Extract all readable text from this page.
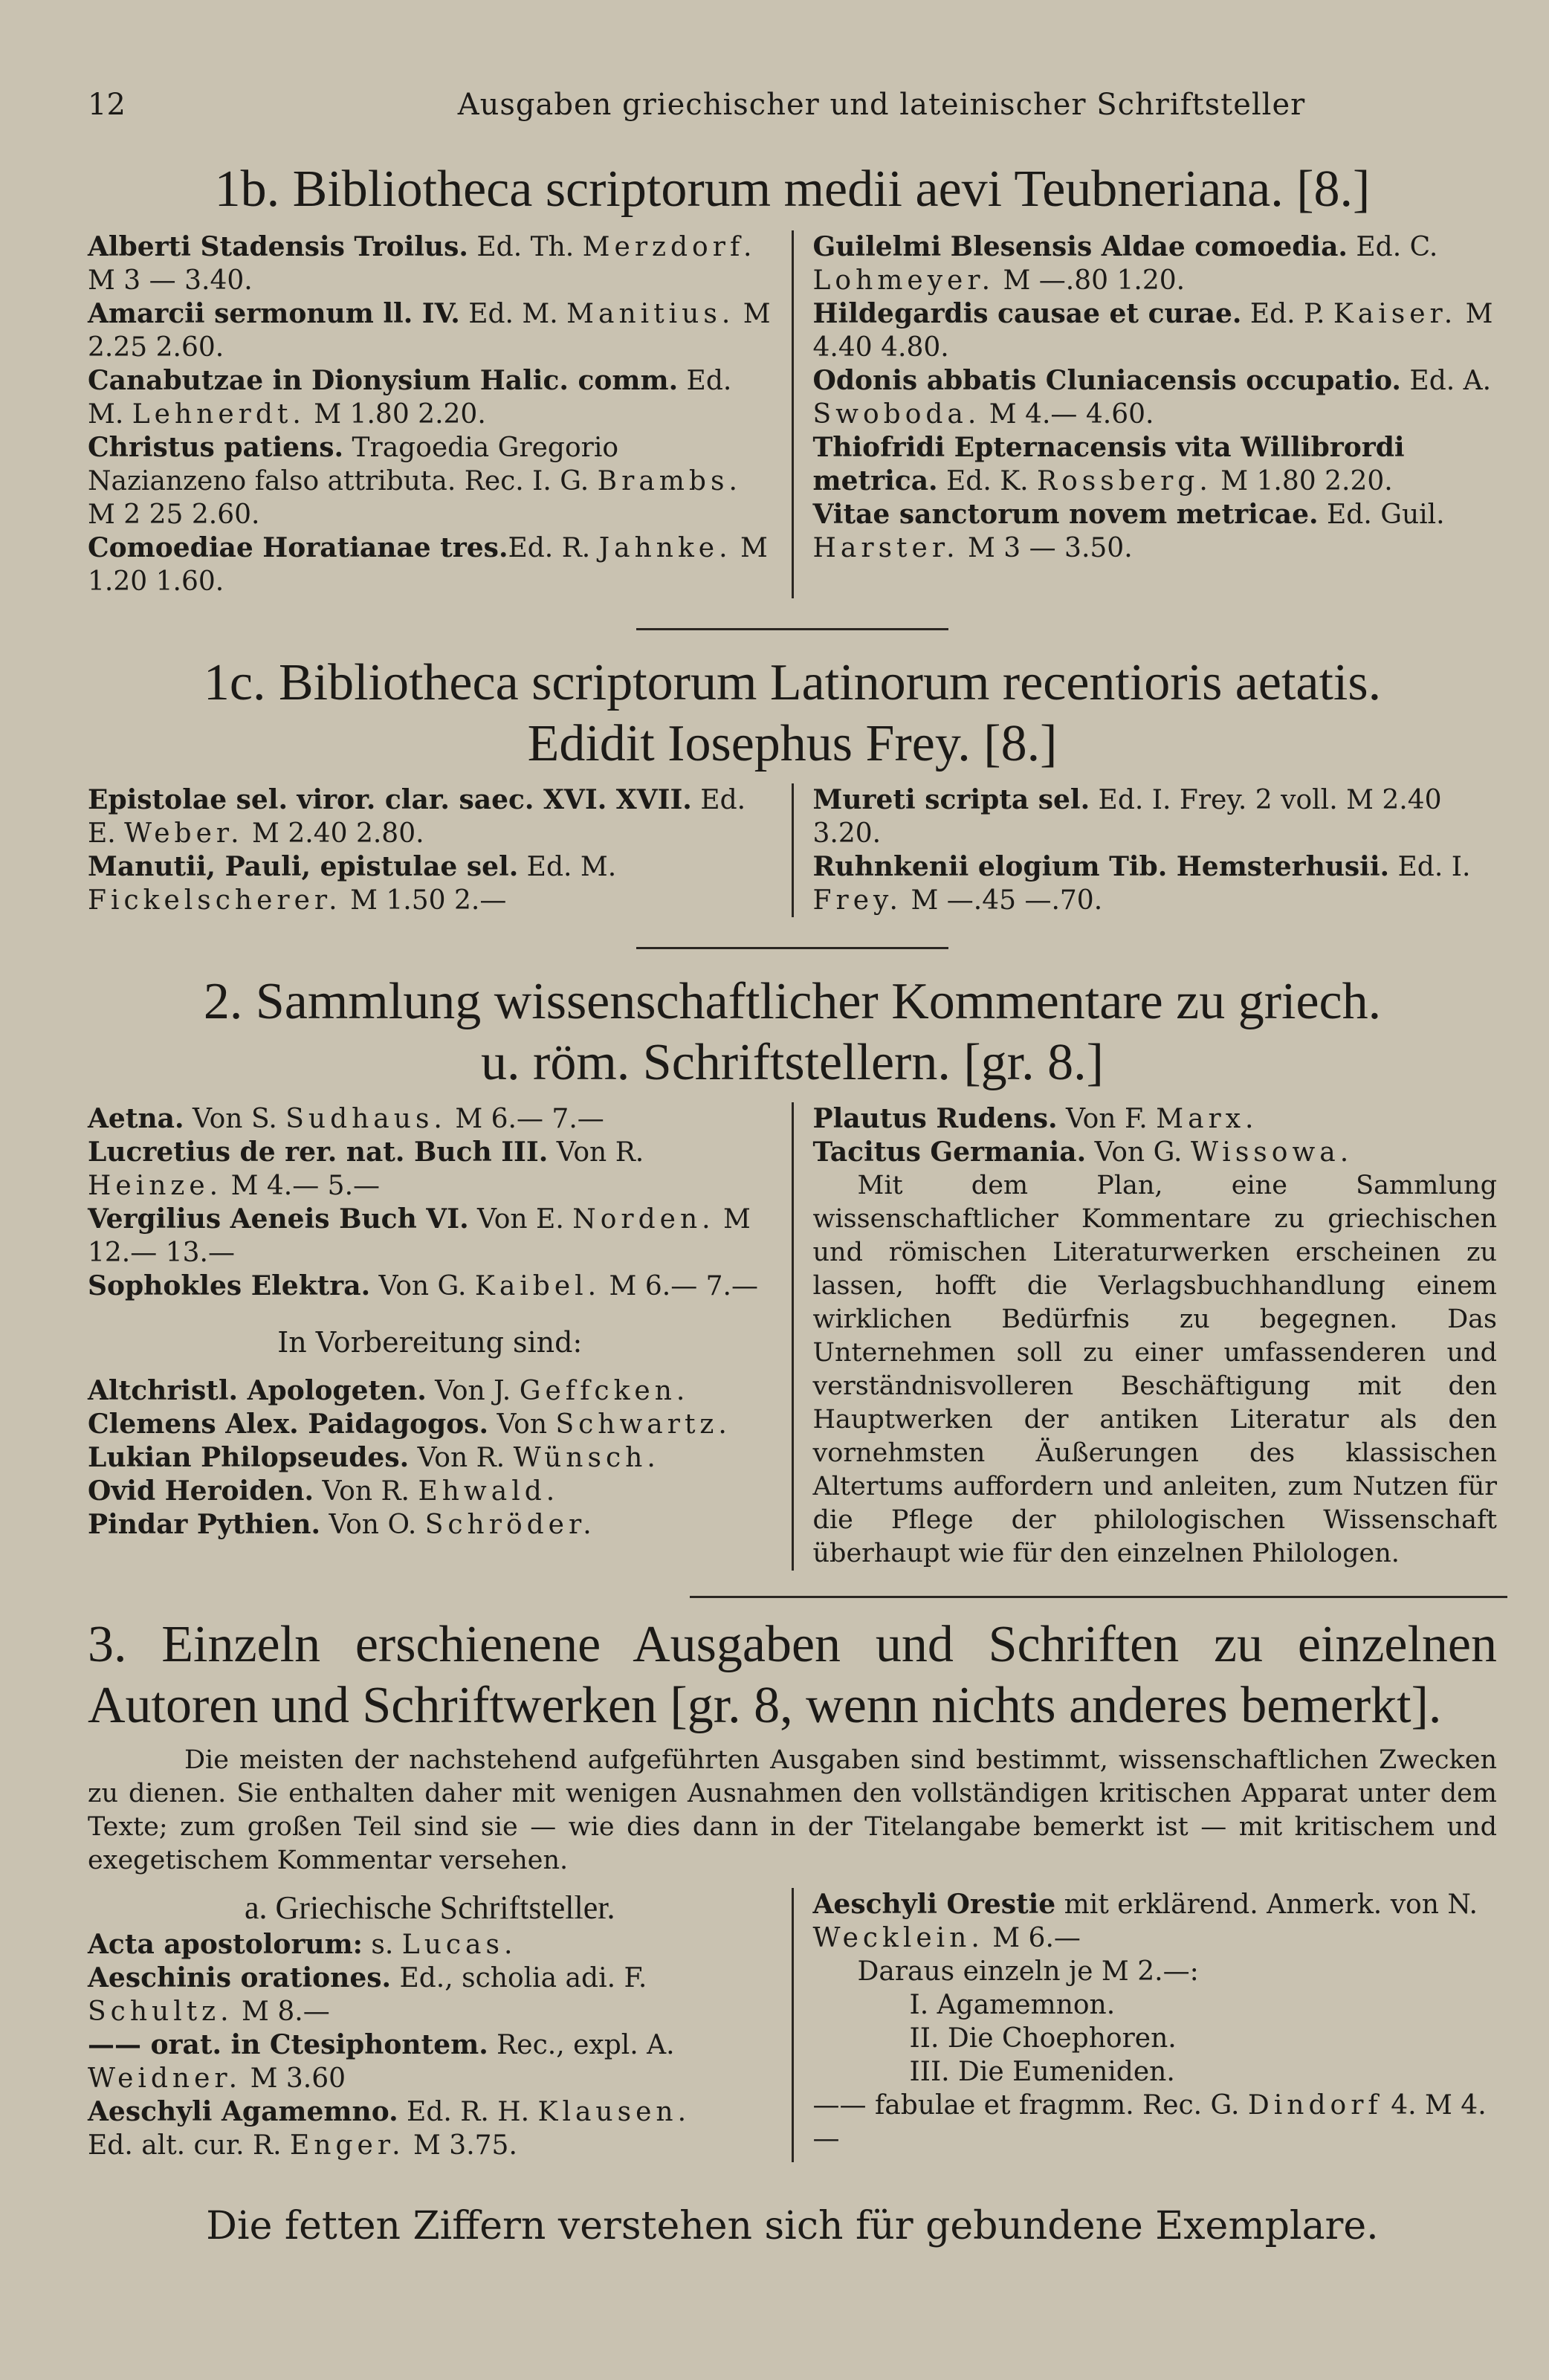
12	Ausgaben griechischer und lateinischer Schriftsteller
1b. Bibliotheca scriptorum medii aevi Teubneriana. [8.]
Alberti Stadensis Troilus. Ed. Th. Merzdorf. M 3 — 3.40.
Amarcii sermonum ll. IV. Ed. M. Manitius. M 2.25 2.60.
Canabutzae in Dionysium Halic. comm. Ed. M. Lehnerdt. M 1.80 2.20.
Christus patiens. Tragoedia Gregorio Nazianzeno falso attributa. Rec. I. G. Brambs. M 2 25 2.60.
Comoediae Horatianae tres.Ed. R. Jahnke. M 1.20 1.60.
Guilelmi Blesensis Aldae comoedia. Ed. C. Lohmeyer. M —.80 1.20.
Hildegardis causae et curae. Ed. P. Kaiser. M 4.40 4.80.
Odonis abbatis Cluniacensis occupatio. Ed. A. Swoboda. M 4.— 4.60.
Thiofridi Epternacensis vita Willibrordi metrica. Ed. K. Rossberg. M 1.80 2.20.
Vitae sanctorum novem metricae. Ed. Guil. Harster. M 3 — 3.50.
1c. Bibliotheca scriptorum Latinorum recentioris aetatis.
Edidit Iosephus Frey. [8.]
Epistolae sel. viror. clar. saec. XVI. XVII. Ed. E. Weber. M 2.40 2.80.
Manutii, Pauli, epistulae sel. Ed. M. Fickelscherer. M 1.50 2.—
Mureti scripta sel. Ed. I. Frey. 2 voll. M 2.40 3.20.
Ruhnkenii elogium Tib. Hemsterhusii. Ed. I. Frey. M —.45 —.70.
2. Sammlung wissenschaftlicher Kommentare zu griech.
u. röm. Schriftstellern. [gr. 8.]
Aetna. Von S. Sudhaus. M 6.— 7.—
Lucretius de rer. nat. Buch III. Von R. Heinze. M 4.— 5.—
Vergilius Aeneis Buch VI. Von E. Norden. M 12.— 13.—
Sophokles Elektra. Von G. Kaibel. M 6.— 7.—
In Vorbereitung sind:
Altchristl. Apologeten. Von J. Geffcken.
Clemens Alex. Paidagogos. Von Schwartz.
Lukian Philopseudes. Von R. Wünsch.
Ovid Heroiden. Von R. Ehwald.
Pindar Pythien. Von O. Schröder.
Plautus Rudens. Von F. Marx.
Tacitus Germania. Von G. Wissowa.
Mit dem Plan, eine Sammlung wissenschaftlicher Kommentare zu griechischen und römischen Literaturwerken erscheinen zu lassen, hofft die Verlagsbuchhandlung einem wirklichen Bedürfnis zu begegnen. Das Unternehmen soll zu einer umfassenderen und verständnisvolleren Beschäftigung mit den Hauptwerken der antiken Literatur als den vornehmsten Äußerungen des klassischen Altertums auffordern und anleiten, zum Nutzen für die Pflege der philologischen Wissenschaft überhaupt wie für den einzelnen Philologen.
3. Einzeln erschienene Ausgaben und Schriften zu einzelnen
Autoren und Schriftwerken [gr. 8, wenn nichts anderes bemerkt].
Die meisten der nachstehend aufgeführten Ausgaben sind bestimmt, wissenschaftlichen Zwecken zu dienen. Sie enthalten daher mit wenigen Ausnahmen den vollständigen kritischen Apparat unter dem Texte; zum großen Teil sind sie — wie dies dann in der Titelangabe bemerkt ist — mit kritischem und exegetischem Kommentar versehen.
a. Griechische Schriftsteller.
Acta apostolorum: s. Lucas.
Aeschinis orationes. Ed., scholia adi. F. Schultz. M 8.—
—— orat. in Ctesiphontem. Rec., expl. A. Weidner. M 3.60
Aeschyli Agamemno. Ed. R. H. Klausen.
Ed. alt. cur. R. Enger. M 3.75.
Aeschyli Orestie mit erklärend. Anmerk. von N. Wecklein. M 6.—
Daraus einzeln je M 2.—:
I. Agamemnon.
II. Die Choephoren.
III. Die Eumeniden.
—— fabulae et fragmm. Rec. G. Dindorf 4. M 4.—
Die fetten Ziffern verstehen sich für gebundene Exemplare.
